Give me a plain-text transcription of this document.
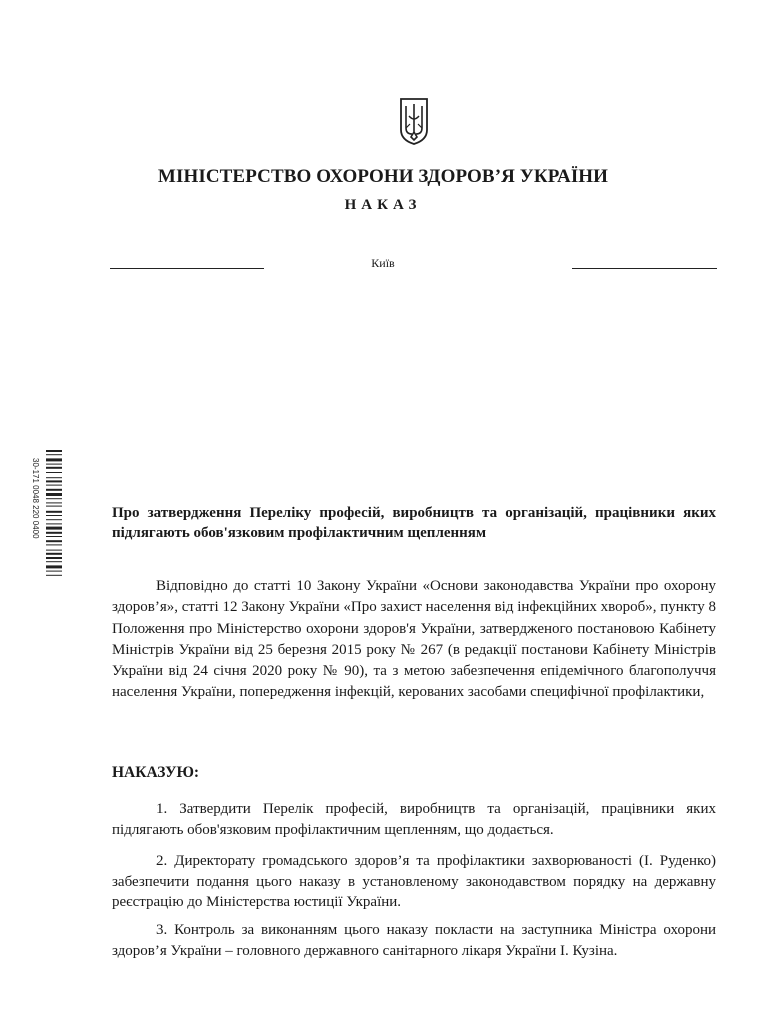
МІНІСТЕРСТВО ОХОРОНИ ЗДОРОВ’Я УКРАЇНИ
НАКАЗ
Київ
30-171 0048 220 0400	Про затвердження Переліку професій, виробництв та організацій, працівники яких підлягають обов'язковим профілактичним щепленням
Відповідно до статті 10 Закону України «Основи законодавства України про охорону здоров’я», статті 12 Закону України «Про захист населення від інфекційних хвороб», пункту 8 Положення про Міністерство охорони здоров'я України, затвердженого постановою Кабінету Міністрів України від 25 березня 2015 року № 267 (в редакції постанови Кабінету Міністрів України від 24 січня 2020 року № 90), та з метою забезпечення епідемічного благополуччя населення України, попередження інфекцій, керованих засобами специфічної профілактики,
НАКАЗУЮ:
1. Затвердити Перелік професій, виробництв та організацій, працівники яких підлягають обов'язковим профілактичним щепленням, що додається.
2. Директорату громадського здоров’я та профілактики захворюваності (І. Руденко) забезпечити подання цього наказу в установленому законодавством порядку на державну реєстрацію до Міністерства юстиції України.
3. Контроль за виконанням цього наказу покласти на заступника Міністра охорони здоров’я України – головного державного санітарного лікаря України І. Кузіна.
